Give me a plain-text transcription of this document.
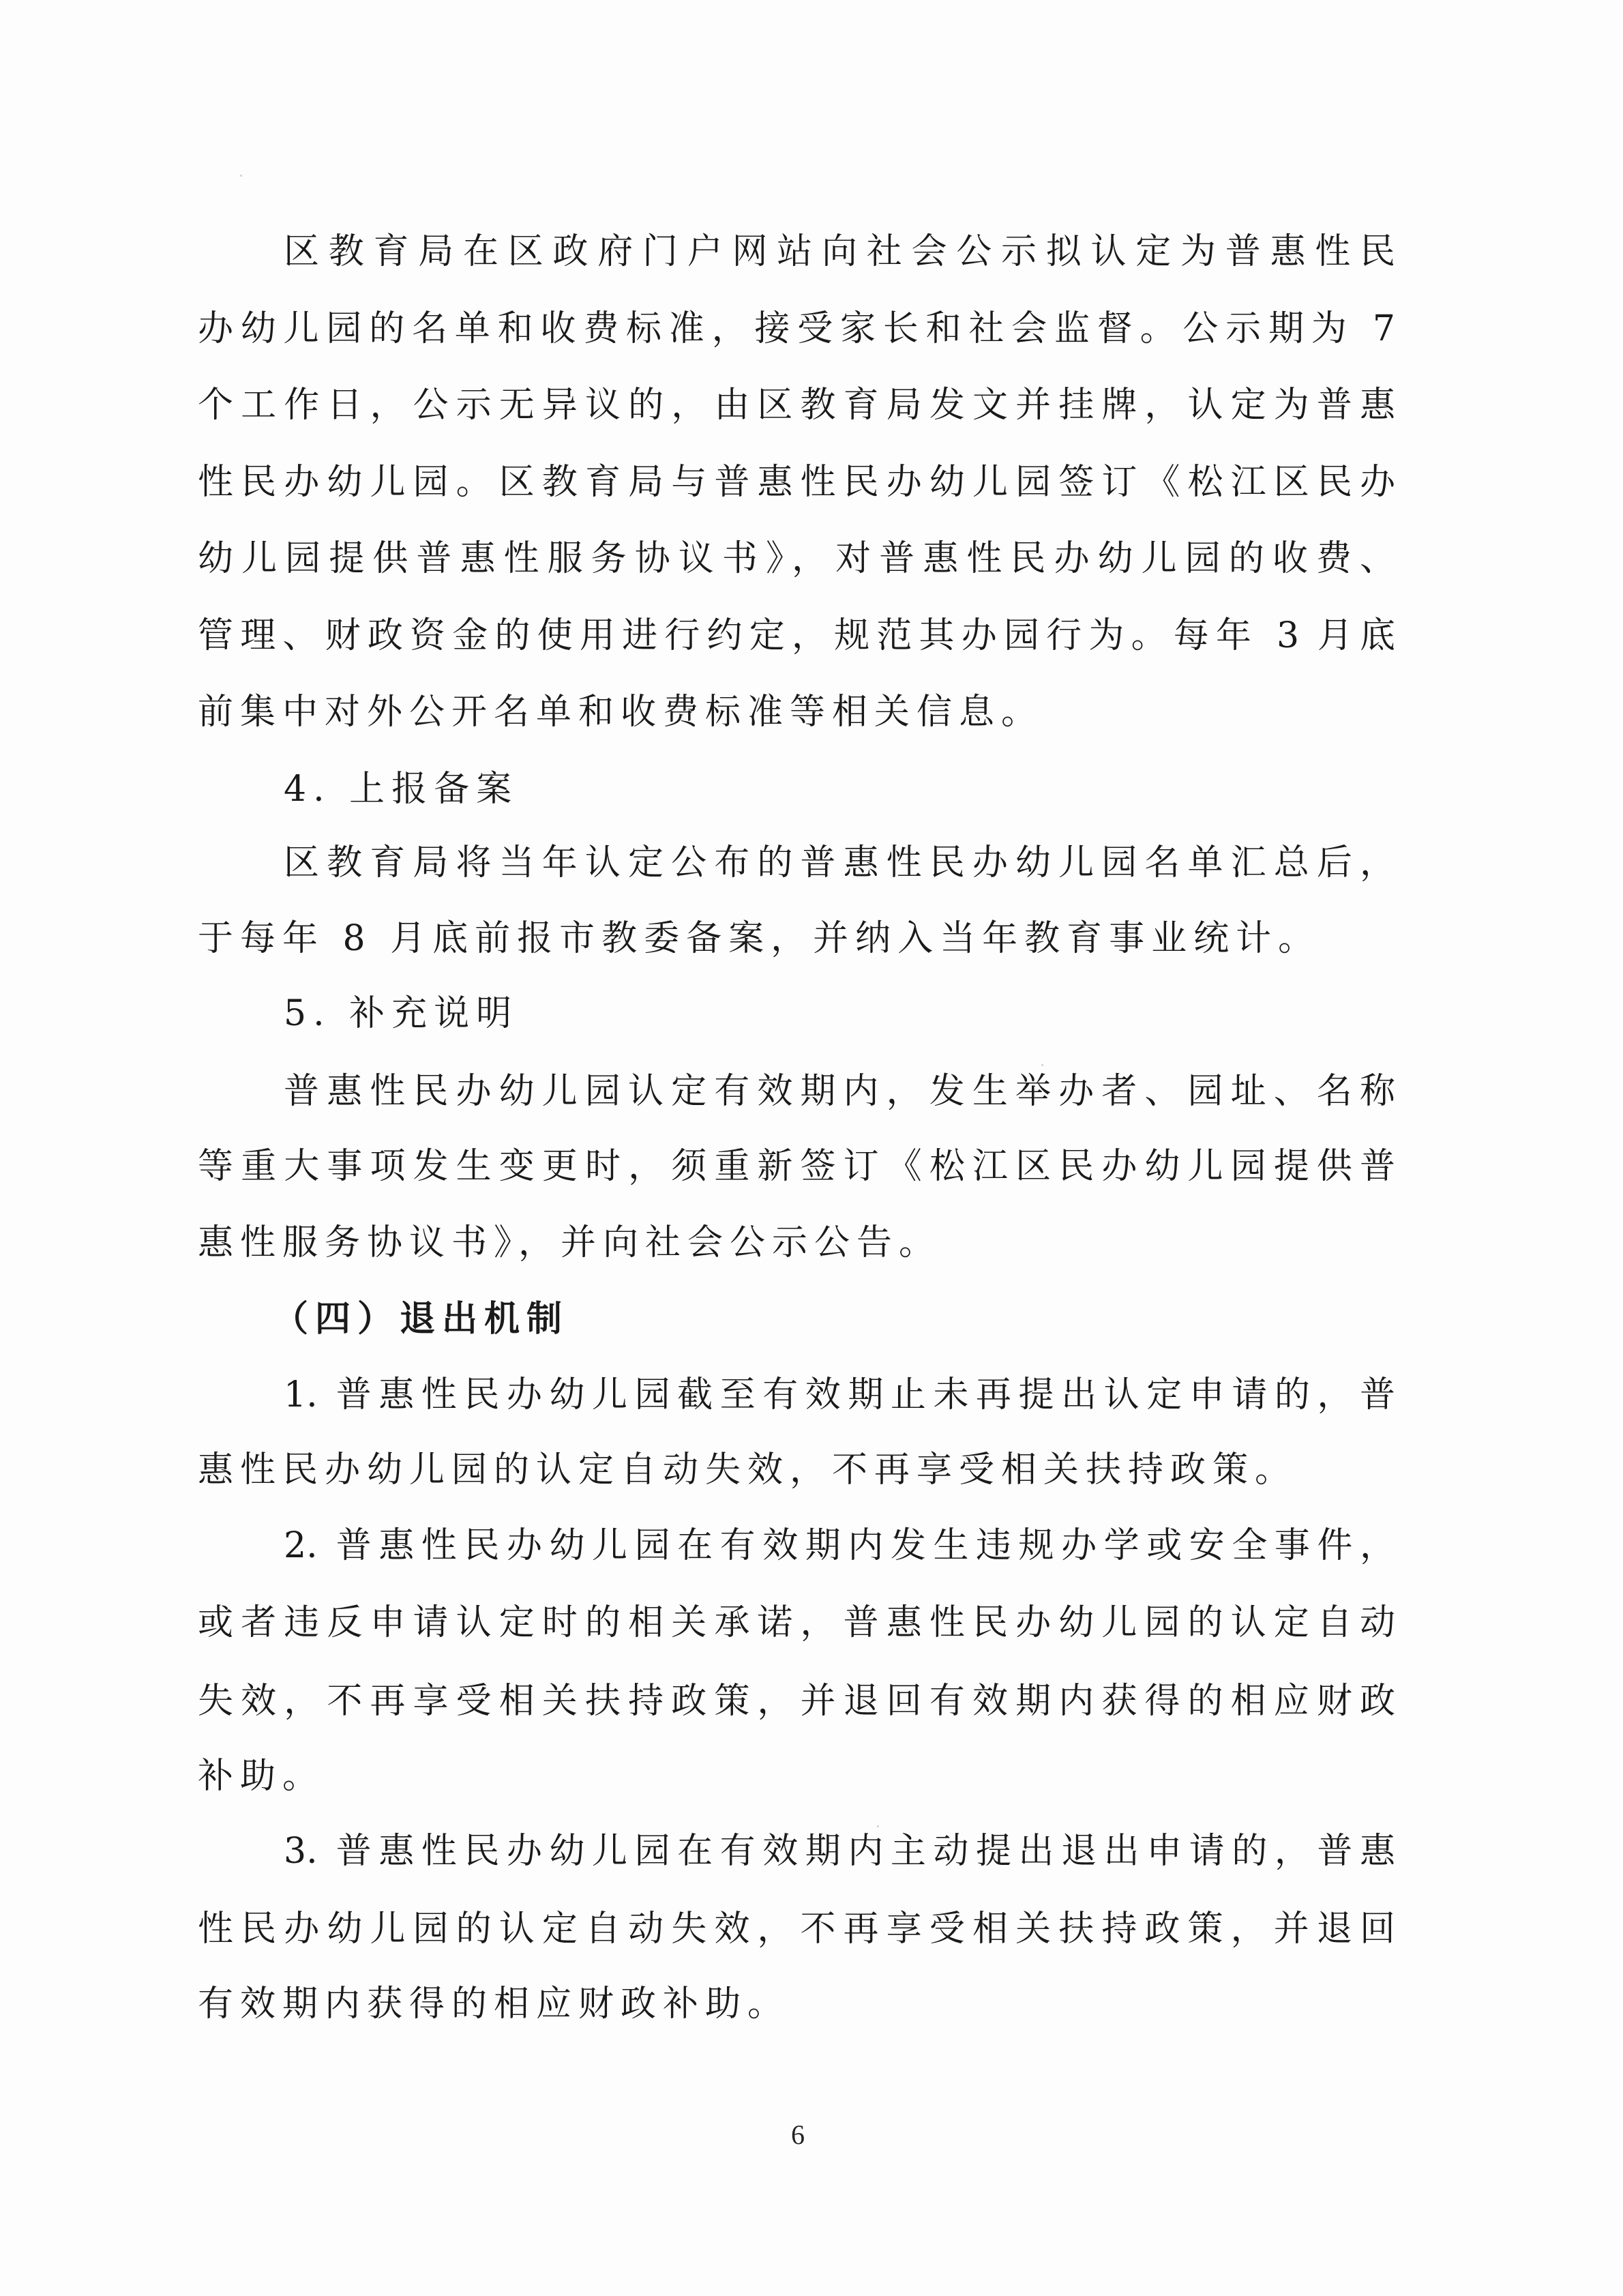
区教育局在区政府门户网站向社会公示拟认定为普惠性民
办幼儿园的名单和收费标准，接受家长和社会监督。公示期为 7
个工作日，公示无异议的，由区教育局发文并挂牌，认定为普惠
性民办幼儿园。区教育局与普惠性民办幼儿园签订《松江区民办
幼儿园提供普惠性服务协议书》，对普惠性民办幼儿园的收费、
管理、财政资金的使用进行约定，规范其办园行为。每年 3 月底
前集中对外公开名单和收费标准等相关信息。
4. 上报备案
区教育局将当年认定公布的普惠性民办幼儿园名单汇总后，
于每年 8 月底前报市教委备案，并纳入当年教育事业统计。
5. 补充说明
普惠性民办幼儿园认定有效期内，发生举办者、园址、名称
等重大事项发生变更时，须重新签订《松江区民办幼儿园提供普
惠性服务协议书》，并向社会公示公告。
（四）退出机制
1. 普惠性民办幼儿园截至有效期止未再提出认定申请的，普
惠性民办幼儿园的认定自动失效，不再享受相关扶持政策。
2. 普惠性民办幼儿园在有效期内发生违规办学或安全事件，
或者违反申请认定时的相关承诺，普惠性民办幼儿园的认定自动
失效，不再享受相关扶持政策，并退回有效期内获得的相应财政
补助。
3. 普惠性民办幼儿园在有效期内主动提出退出申请的，普惠
性民办幼儿园的认定自动失效，不再享受相关扶持政策，并退回
有效期内获得的相应财政补助。
6
